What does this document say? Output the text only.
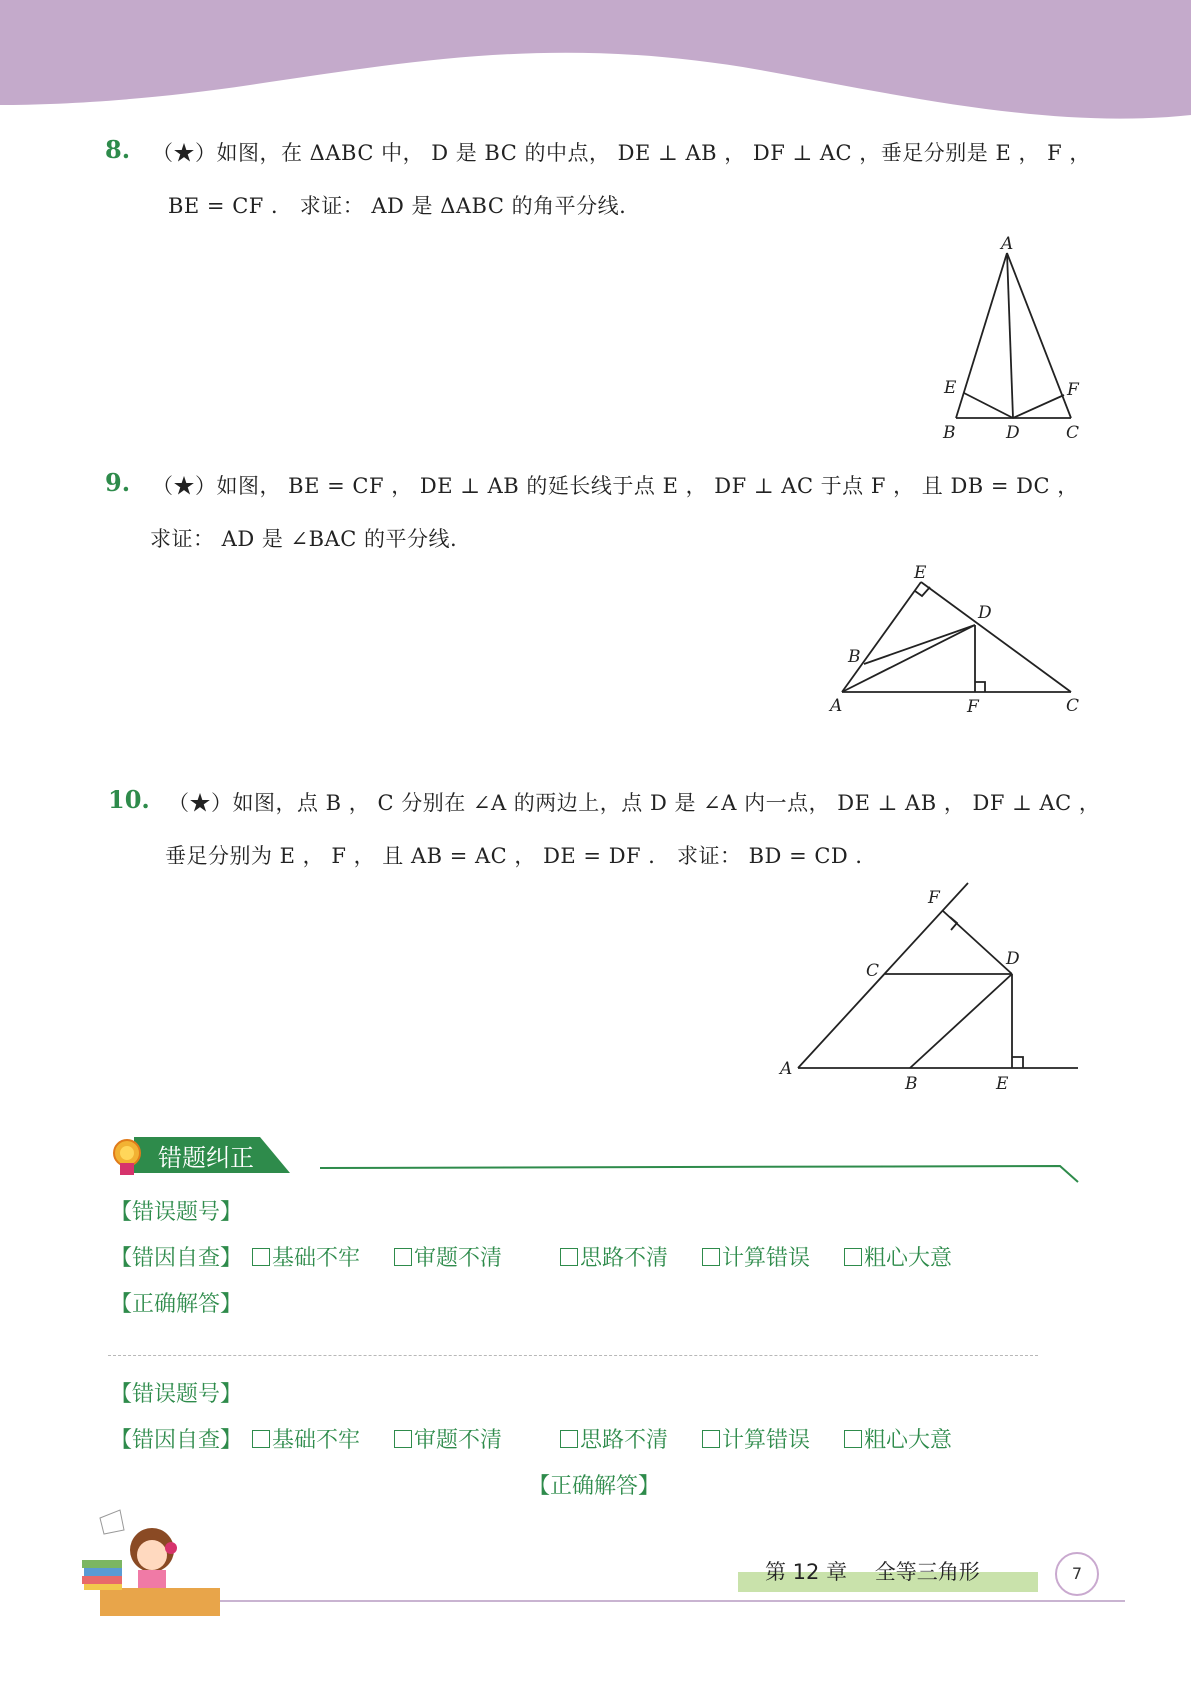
8. （★）如图，在 ΔABC 中， D 是 BC 的中点， DE ⊥ AB ， DF ⊥ AC ，垂足分别是 E ， F ，
BE = CF ． 求证： AD 是 ΔABC 的角平分线.
A
E	F
B	D	C
9. （★）如图， BE = CF ， DE ⊥ AB 的延长线于点 E ， DF ⊥ AC 于点 F ， 且 DB = DC ，
求证： AD 是 ∠BAC 的平分线.
E
D
B
A	F	C
10. （★）如图，点 B ， C 分别在 ∠A 的两边上，点 D 是 ∠A 内一点， DE ⊥ AB ， DF ⊥ AC ，
垂足分别为 E ， F ， 且 AB = AC ， DE = DF ． 求证： BD = CD ．
F
D
C
A
B	E
错题纠正
【错误题号】
【错因自查】	基础不牢	审题不清	思路不清	计算错误	粗心大意
【正确解答】
【错误题号】
【错因自查】	基础不牢	审题不清	思路不清	计算错误	粗心大意
【正确解答】
第 12 章　 全等三角形	7
